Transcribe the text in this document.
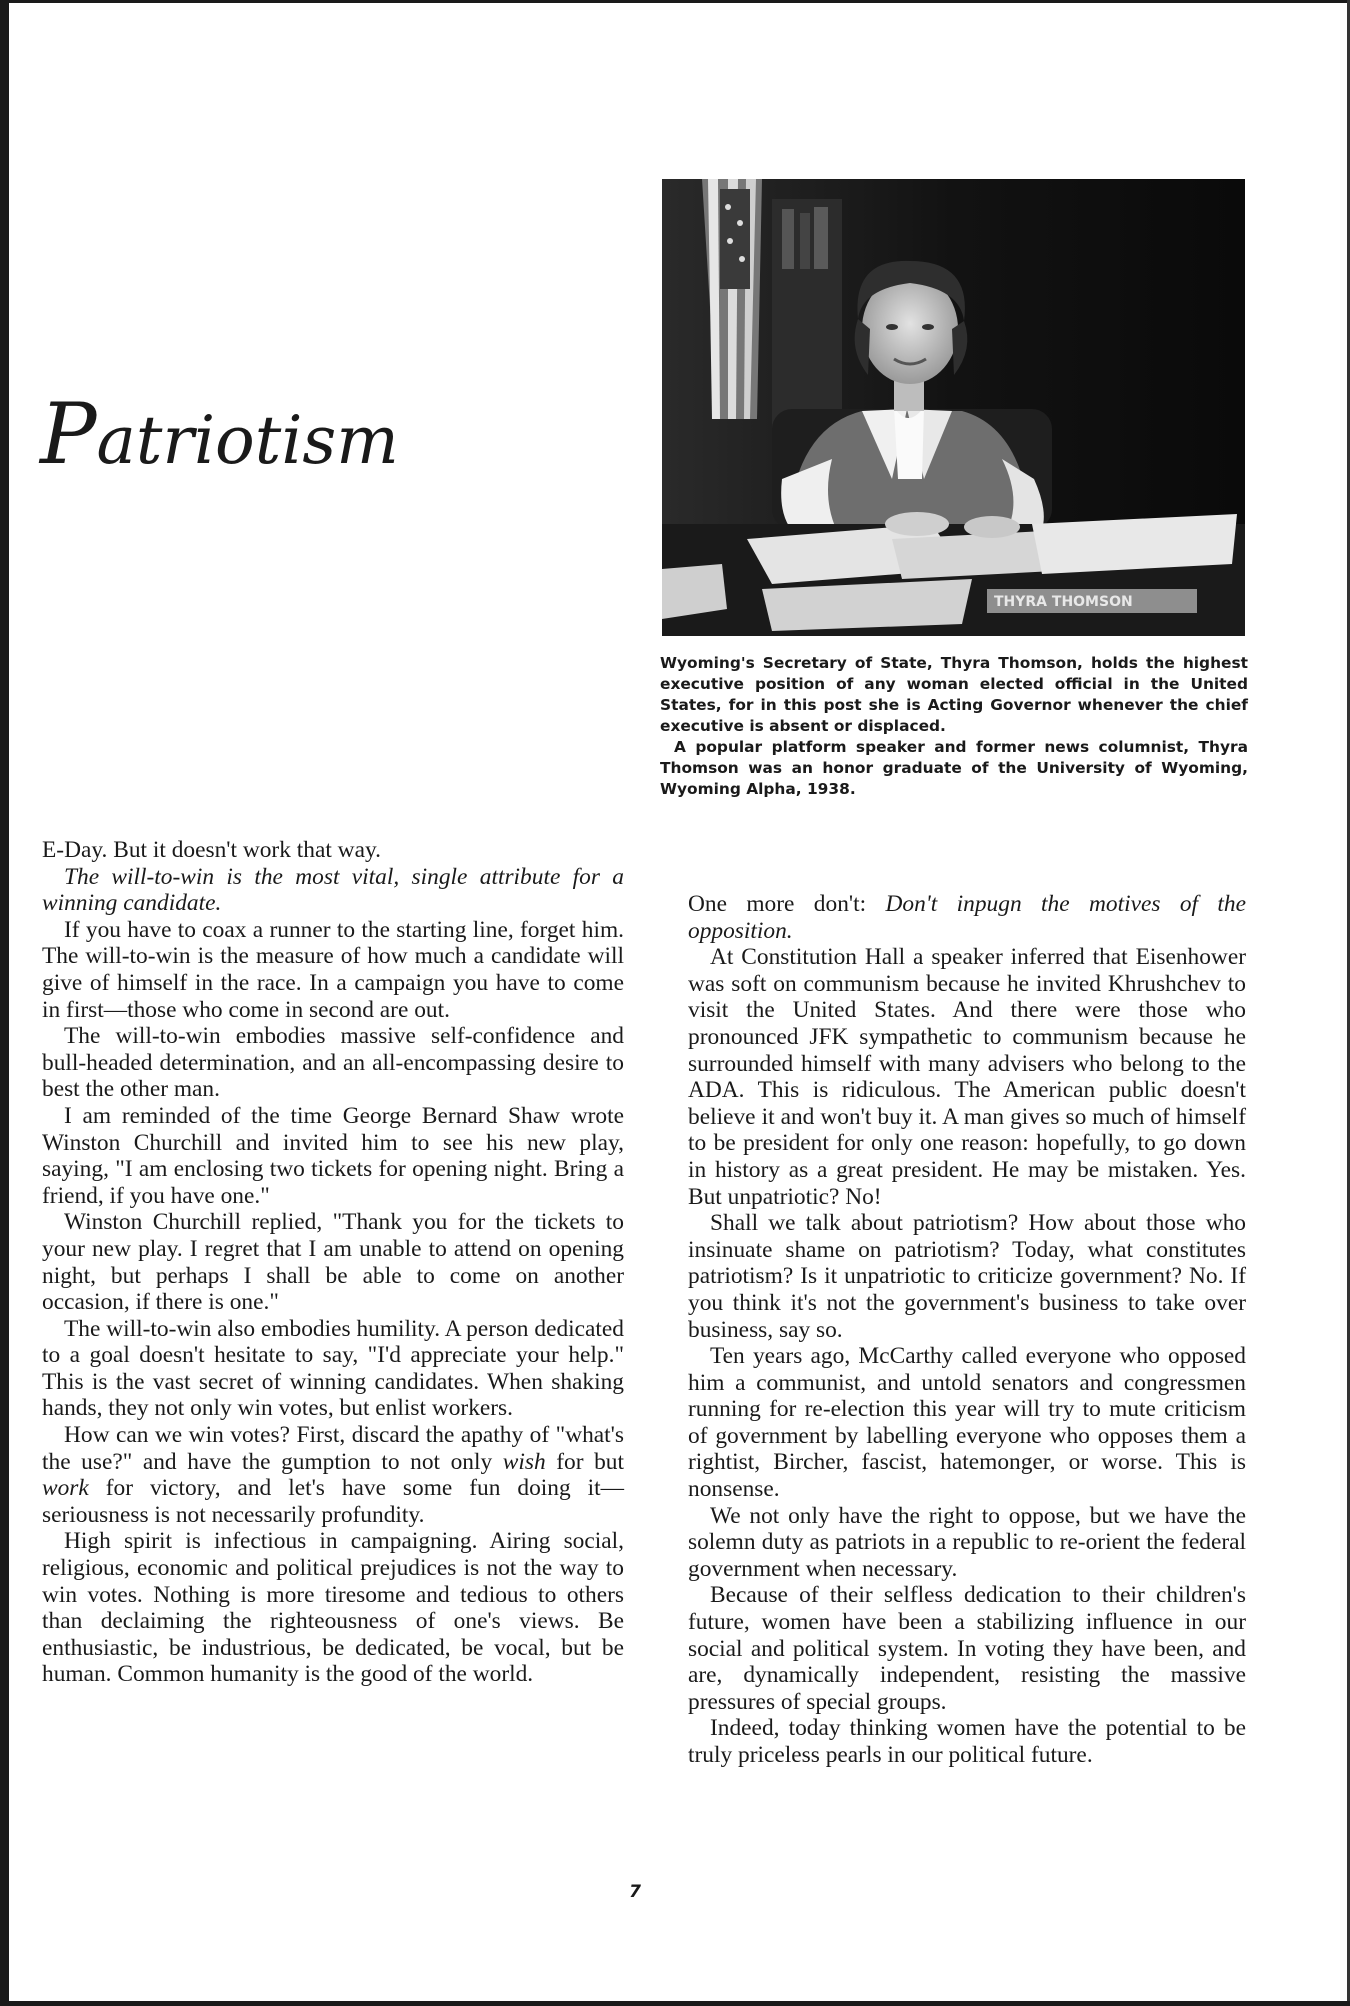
Patriotism
THYRA THOMSON

Wyoming's Secretary of State, Thyra Thomson, holds the highest executive position of any woman elected official in the United States, for in this post she is Acting Governor whenever the chief executive is absent or displaced.

A popular platform speaker and former news columnist, Thyra Thomson was an honor graduate of the University of Wyoming, Wyoming Alpha, 1938.

E-Day. But it doesn't work that way.

The will-to-win is the most vital, single attribute for a winning candidate.

If you have to coax a runner to the starting line, forget him. The will-to-win is the measure of how much a candidate will give of himself in the race. In a campaign you have to come in first—those who come in second are out.

The will-to-win embodies massive self-confidence and bull-headed determination, and an all-encompassing desire to best the other man.

I am reminded of the time George Bernard Shaw wrote Winston Churchill and invited him to see his new play, saying, "I am enclosing two tickets for opening night. Bring a friend, if you have one."

Winston Churchill replied, "Thank you for the tickets to your new play. I regret that I am unable to attend on opening night, but perhaps I shall be able to come on another occasion, if there is one."

The will-to-win also embodies humility. A person dedicated to a goal doesn't hesitate to say, "I'd appreciate your help." This is the vast secret of winning candidates. When shaking hands, they not only win votes, but enlist workers.

How can we win votes? First, discard the apathy of "what's the use?" and have the gumption to not only wish for but work for victory, and let's have some fun doing it—seriousness is not necessarily profundity.

High spirit is infectious in campaigning. Airing social, religious, economic and political prejudices is not the way to win votes. Nothing is more tiresome and tedious to others than declaiming the righteousness of one's views. Be enthusiastic, be industrious, be dedicated, be vocal, but be human. Common humanity is the good of the world.

One more don't: Don't inpugn the motives of the opposition.

At Constitution Hall a speaker inferred that Eisenhower was soft on communism because he invited Khrushchev to visit the United States. And there were those who pronounced JFK sympathetic to communism because he surrounded himself with many advisers who belong to the ADA. This is ridiculous. The American public doesn't believe it and won't buy it. A man gives so much of himself to be president for only one reason: hopefully, to go down in history as a great president. He may be mistaken. Yes. But unpatriotic? No!

Shall we talk about patriotism? How about those who insinuate shame on patriotism? Today, what constitutes patriotism? Is it unpatriotic to criticize government? No. If you think it's not the government's business to take over business, say so.

Ten years ago, McCarthy called everyone who opposed him a communist, and untold senators and congressmen running for re-election this year will try to mute criticism of government by labelling everyone who opposes them a rightist, Bircher, fascist, hatemonger, or worse. This is nonsense.

We not only have the right to oppose, but we have the solemn duty as patriots in a republic to re-orient the federal government when necessary.

Because of their selfless dedication to their children's future, women have been a stabilizing influence in our social and political system. In voting they have been, and are, dynamically independent, resisting the massive pressures of special groups.

Indeed, today thinking women have the potential to be truly priceless pearls in our political future.

7
